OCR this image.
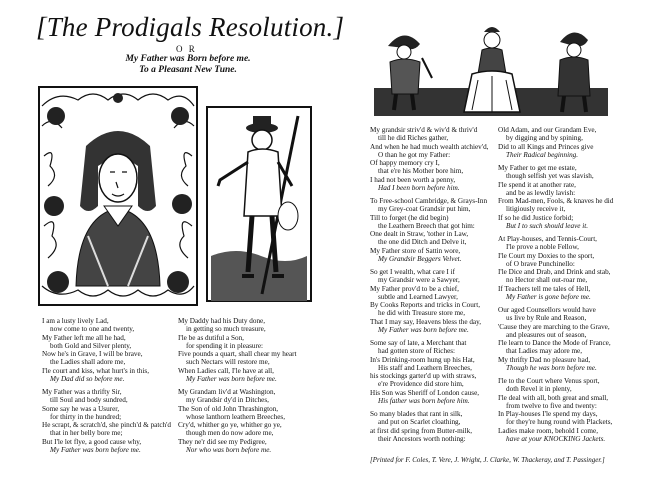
[The Prodigals Resolution.]
O R
My Father was Born before me.
To a Pleasant New Tune.
I am a lusty lively Lad,
now come to one and twenty,
My Father left me all he had,
both Gold and Silver plenty,
Now he's in Grave, I will be brave,
the Ladies shall adore me,
I'le court and kiss, what hurt's in this,
My Dad did so before me.

My Father was a thrifty Sir,
till Soul and body sundred,
Some say he was a Usurer,
for thirty in the hundred;
He scrapt, & scratch'd, she pinch'd & patch'd
that in her belly bore me;
But I'le let flye, a good cause why,
My Father was born before me.
My Daddy had his Duty done,
in getting so much treasure,
I'le be as dutiful a Son,
for spending it in pleasure:
Five pounds a quart, shall chear my heart
such Nectars will restore me,
When Ladies call, I'le have at all,
My Father was born before me.

My Grandam liv'd at Washington,
my Grandsir dy'd in Ditches,
The Son of old John Thrashington,
whose lanthorn leathern Breeches,
Cry'd, whither go ye, whither go ye,
though men do now adore me,
They ne'r did see my Pedigree,
Nor who was born before me.
My grandsir striv'd & wiv'd & thriv'd
till he did Riches gather,
And when he had much wealth atchiev'd,
O than he got my Father:
Of happy memory cry I,
that e're his Mother bore him,
I had not been worth a penny,
Had I been born before him.

To Free-school Cambridge, & Grays-Inn
my Grey-coat Grandsir put him,
Till to forget (he did begin)
the Leathern Breech that got him:
One dealt in Straw, 'tother in Law,
the one did Ditch and Delve it,
My Father store of Sattin wore,
My Grandsir Beggers Velvet.

So get I wealth, what care I if
my Grandsir were a Sawyer,
My Father prov'd to be a chief,
subtle and Learned Lawyer,
By Cooks Reports and tricks in Court,
he did with Treasure store me,
That I may say, Heavens bless the day,
My Father was born before me.

Some say of late, a Merchant that
had gotten store of Riches:
In's Drinking-room hung up his Hat,
His staff and Leathern Breeches,
his stockings garter'd up with straws,
e're Providence did store him,
His Son was Sheriff of London cause,
His father was born before him.

So many blades that rant in silk,
and put on Scarlet cloathing,
at first did spring from Butter-milk,
their Ancestors worth nothing:
Old Adam, and our Grandam Eve,
by digging and by spining,
Did to all Kings and Princes give
Their Radical beginning.

My Father to get me estate,
though selfish yet was slavish,
I'le spend it at another rate,
and be as lewdly lavish:
From Mad-men, Fools, & knaves he did
litigiously receive it,
If so he did Justice forbid;
But I to such should leave it.

At Play-houses, and Tennis-Court,
I'le prove a noble Fellow,
I'le Court my Doxies to the sport,
of O brave Punchinello:
I'le Dice and Drab, and Drink and stab,
no Hector shall out-roar me,
If Teachers tell me tales of Hell,
My Father is gone before me.

Our aged Counsellors would have
us live by Rule and Reason,
'Cause they are marching to the Grave,
and pleasures out of season,
I'le learn to Dance the Mode of France,
that Ladies may adore me,
My thrifty Dad no pleasure had,
Though he was born before me.

I'le to the Court where Venus sport,
doth Revel it in plenty,
I'le deal with all, both great and small,
from twelve to five and twenty:
In Play-houses I'le spend my days,
for they're hung round with Plackets,
Ladies make room, behold I come,
have at your KNOCKING Jackets.
[Printed for F. Coles, T. Vere, J. Wright, J. Clarke, W. Thackeray, and T. Passinger.]
